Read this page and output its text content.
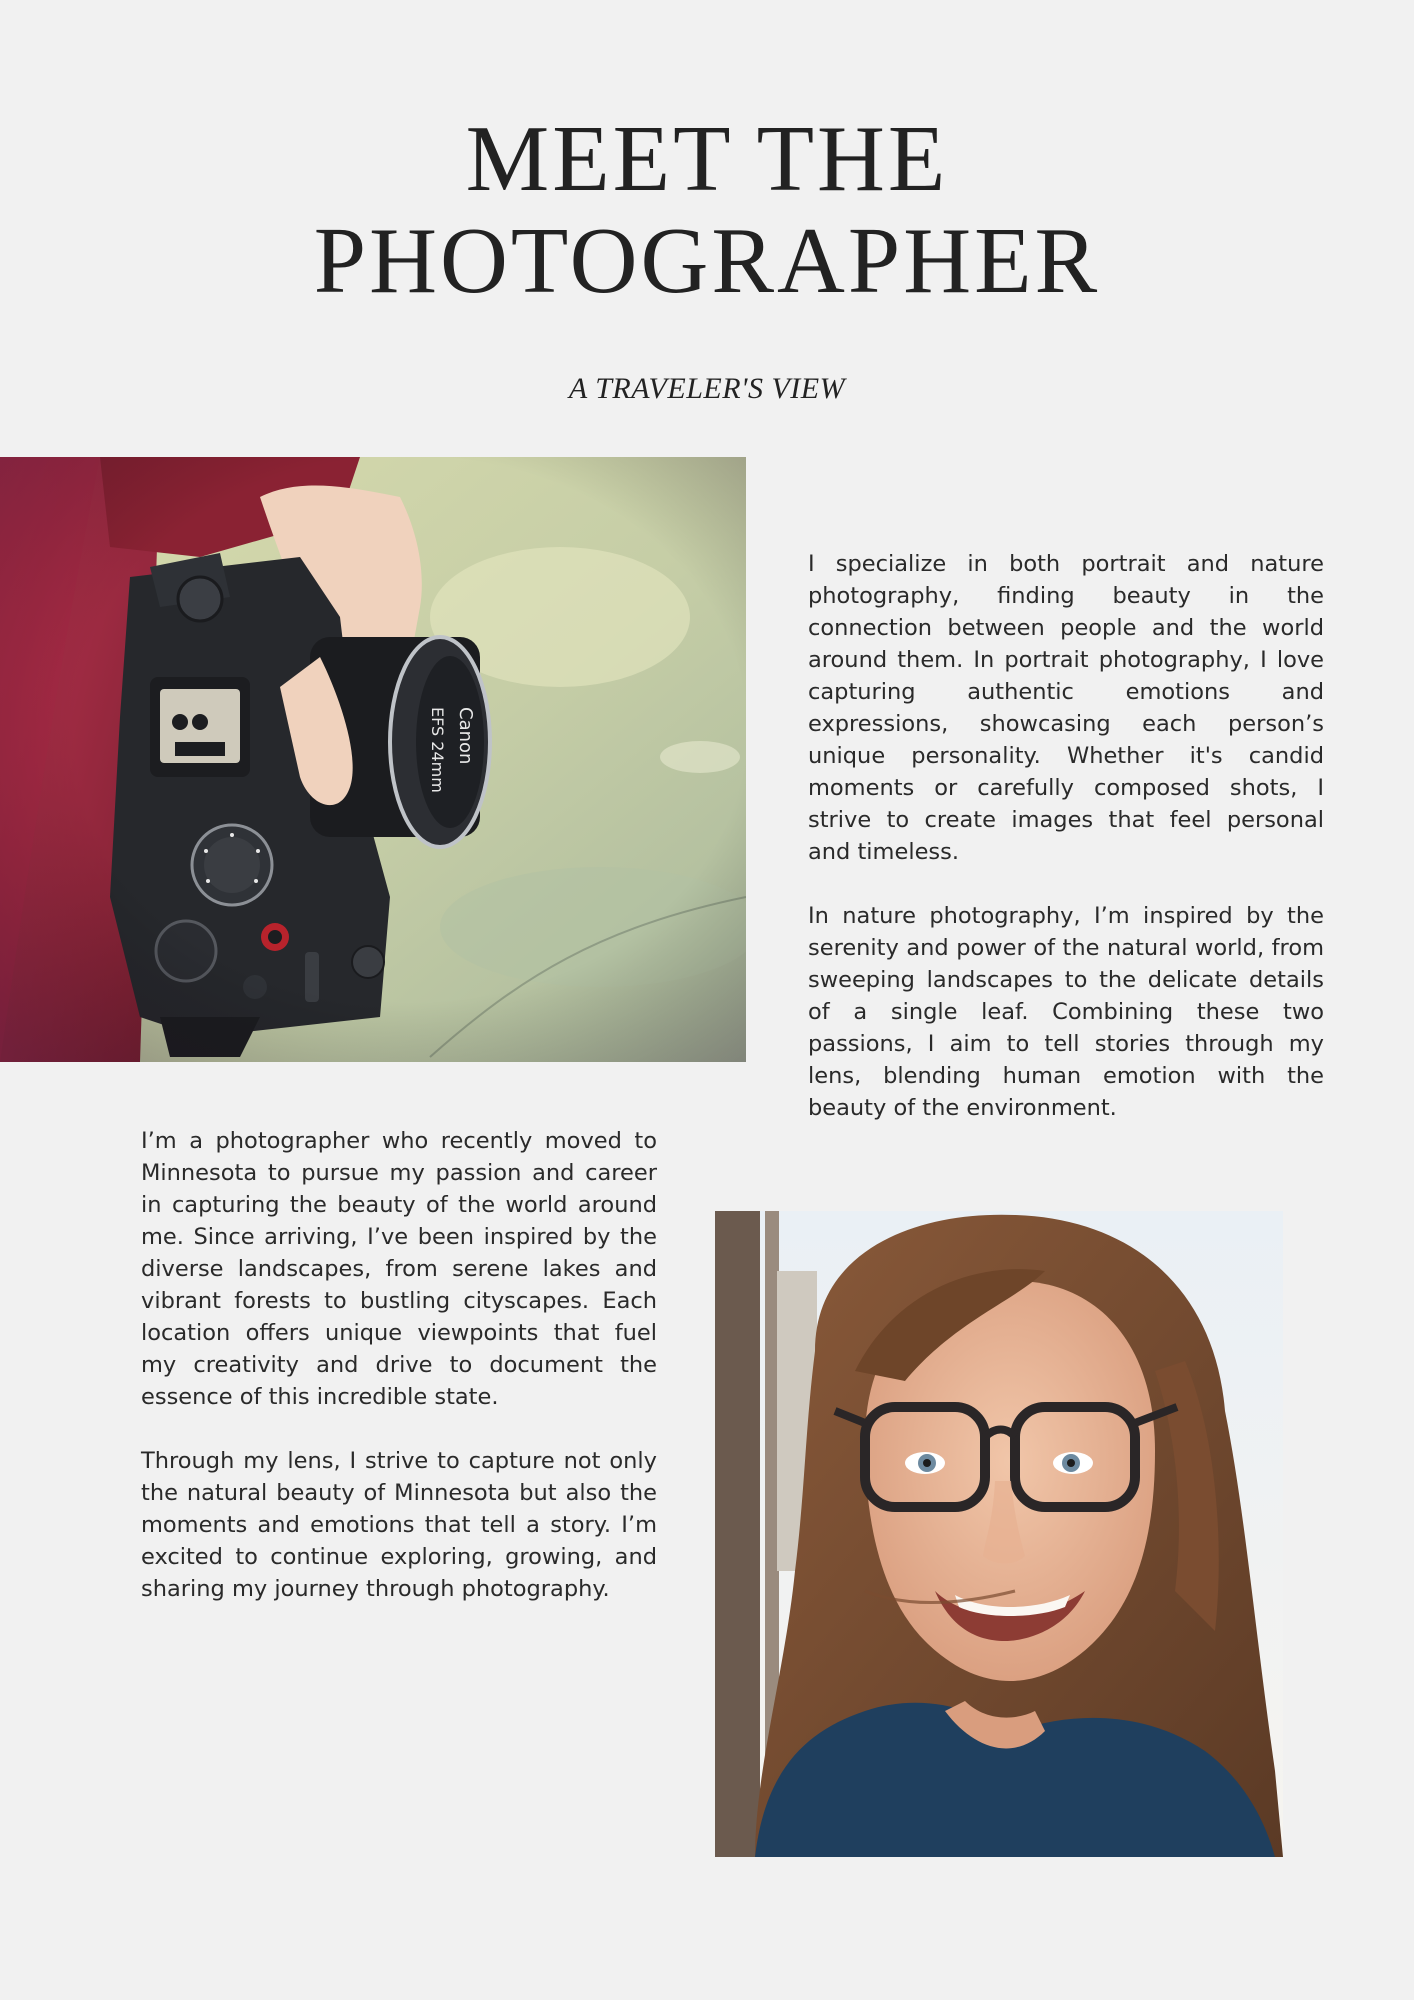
MEET THE
PHOTOGRAPHER
A TRAVELER'S VIEW

I specialize in both portrait and nature photography, finding beauty in the connection between people and the world around them. In portrait photography, I love capturing authentic emotions and expressions, showcasing each person’s unique personality. Whether it's candid moments or carefully composed shots, I strive to create images that feel personal and timeless.

In nature photography, I’m inspired by the serenity and power of the natural world, from sweeping landscapes to the delicate details of a single leaf. Combining these two passions, I aim to tell stories through my lens, blending human emotion with the beauty of the environment.

I’m a photographer who recently moved to Minnesota to pursue my passion and career in capturing the beauty of the world around me. Since arriving, I’ve been inspired by the diverse landscapes, from serene lakes and vibrant forests to bustling cityscapes. Each location offers unique viewpoints that fuel my creativity and drive to document the essence of this incredible state.

Through my lens, I strive to capture not only the natural beauty of Minnesota but also the moments and emotions that tell a story. I’m excited to continue exploring, growing, and sharing my journey through photography.
